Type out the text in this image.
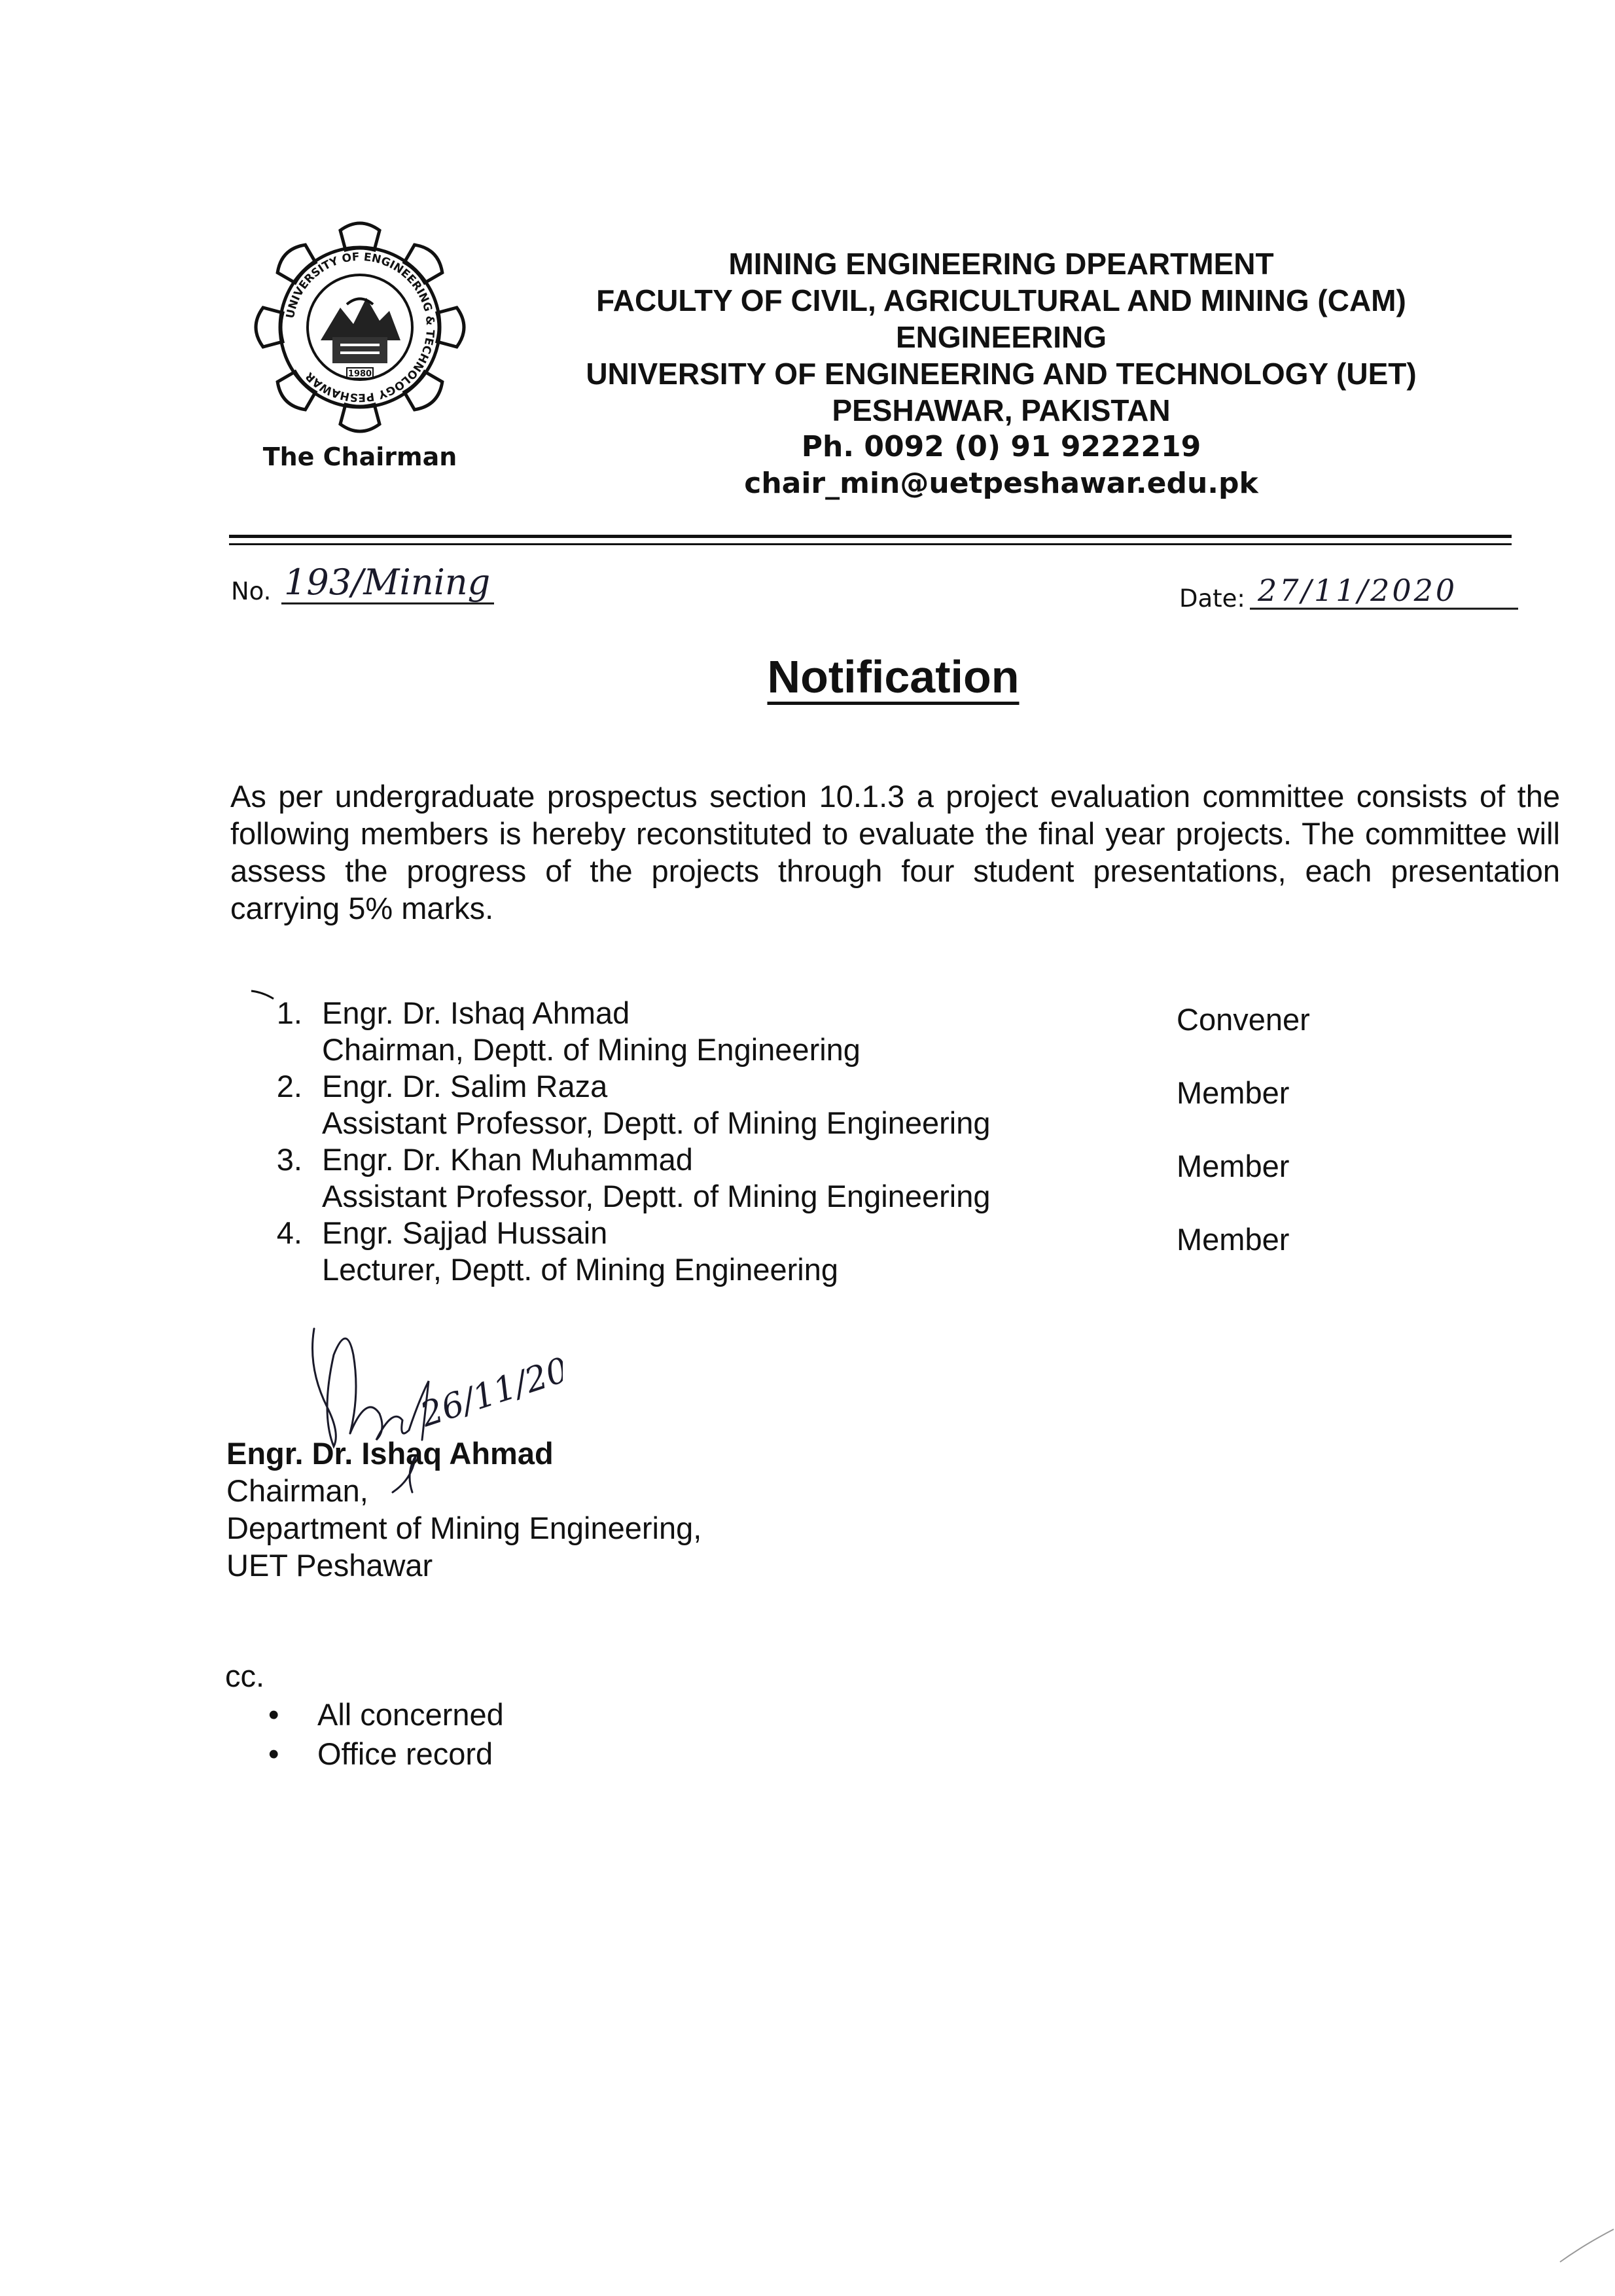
UNIVERSITY OF ENGINEERING & TECHNOLOGY PESHAWAR	1980
The Chairman
MINING ENGINEERING DPEARTMENT
FACULTY OF CIVIL, AGRICULTURAL AND MINING (CAM)
ENGINEERING
UNIVERSITY OF ENGINEERING AND TECHNOLOGY (UET)
PESHAWAR, PAKISTAN
Ph. 0092 (0) 91 9222219
chair_min@uetpeshawar.edu.pk
No. 193/Mining	Date: 27/11/2020
Notification
As per undergraduate prospectus section 10.1.3 a project evaluation committee consists of the following members is hereby reconstituted to evaluate the final year projects. The committee will assess the progress of the projects through four student presentations, each presentation carrying 5% marks.
1. Engr. Dr. Ishaq Ahmad
Chairman, Deptt. of Mining Engineering
Convener
2. Engr. Dr. Salim Raza
Assistant Professor, Deptt. of Mining Engineering
Member
3. Engr. Dr. Khan Muhammad
Assistant Professor, Deptt. of Mining Engineering
Member
4. Engr. Sajjad Hussain
Lecturer, Deptt. of Mining Engineering
Member
26/11/20
Engr. Dr. Ishaq Ahmad
Chairman,
Department of Mining Engineering,
UET Peshawar
cc.
• All concerned
• Office record
